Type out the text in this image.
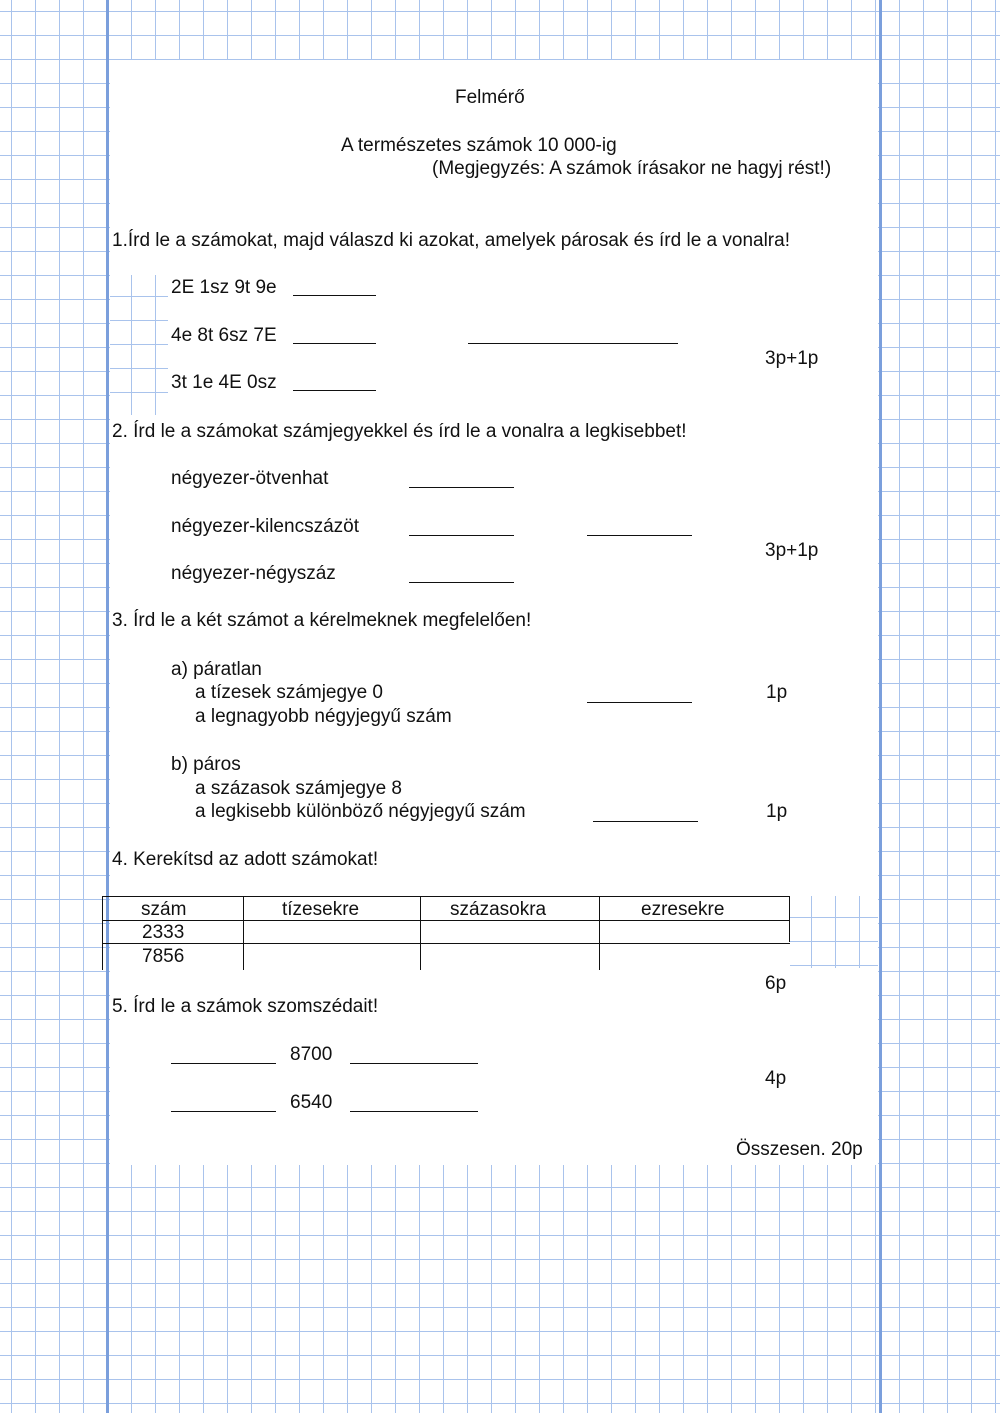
Felmérő
A természetes számok 10 000-ig
(Megjegyzés: A számok írásakor ne hagyj rést!)
1.Írd le a számokat, majd válaszd ki azokat, amelyek párosak és írd le a vonalra!
2E 1sz 9t 9e
4e 8t 6sz 7E
3p+1p
3t 1e 4E 0sz
2. Írd le a számokat számjegyekkel és írd le a vonalra a legkisebbet!
négyezer-ötvenhat
négyezer-kilencszázöt
3p+1p
négyezer-négyszáz
3. Írd le a két számot a kérelmeknek megfelelően!
a) páratlan
a tízesek számjegye 0	1p
a legnagyobb négyjegyű szám
b) páros
a százasok számjegye 8
a legkisebb különböző négyjegyű szám	1p
4. Kerekítsd az adott számokat!
szám	tízesekre	százasokra	ezresekre
2333
7856
6p
5. Írd le a számok szomszédait!
8700
4p
6540
Összesen. 20p
